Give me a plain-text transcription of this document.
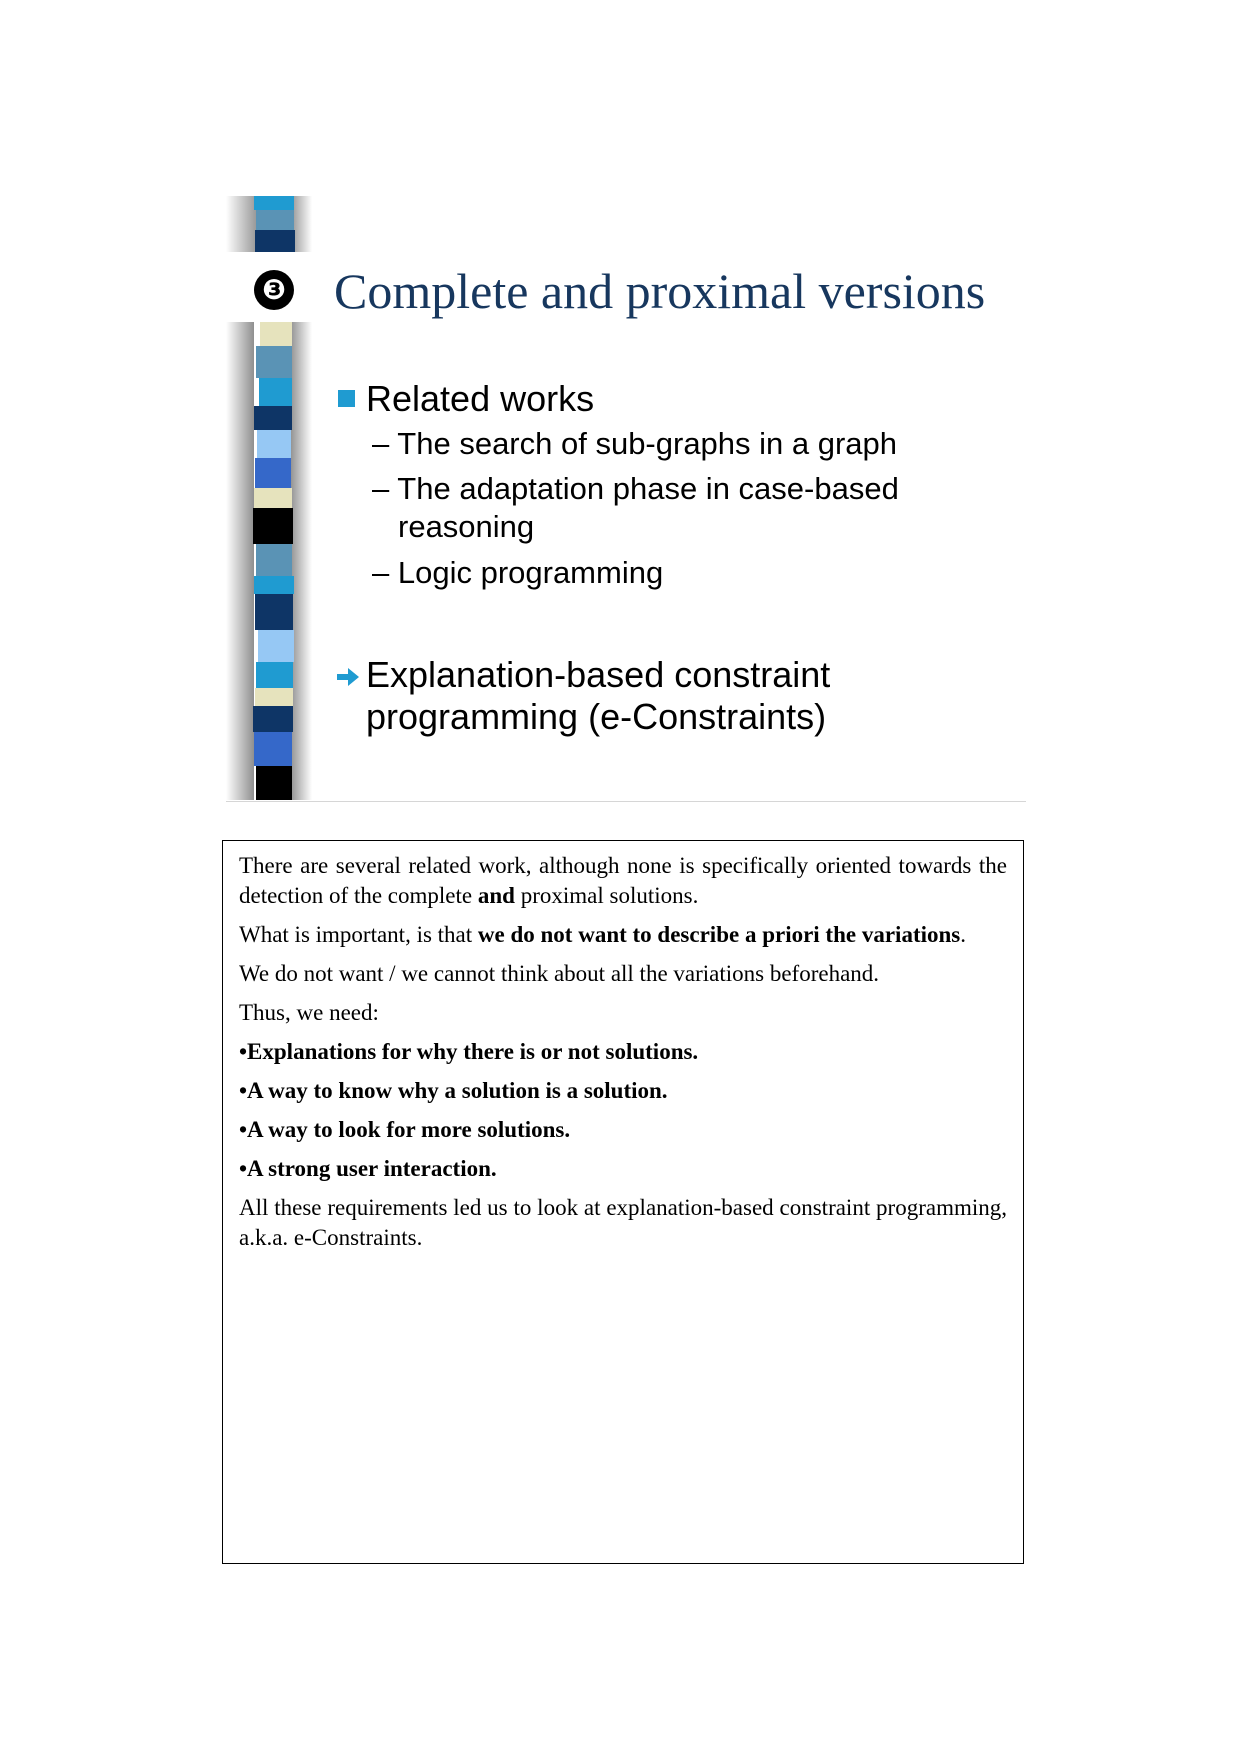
❸ Complete and proximal versions
Related works
– The search of sub-graphs in a graph
– The adaptation phase in case-based reasoning
– Logic programming
Explanation-based constraint programming (e-Constraints)

There are several related work, although none is specifically oriented towards the detection of the complete and proximal solutions.

What is important, is that we do not want to describe a priori the variations.

We do not want / we cannot think about all the variations beforehand.

Thus, we need:

•Explanations for why there is or not solutions.

•A way to know why a solution is a solution.

•A way to look for more solutions.

•A strong user interaction.

All these requirements led us to look at explanation-based constraint programming, a.k.a. e-Constraints.
